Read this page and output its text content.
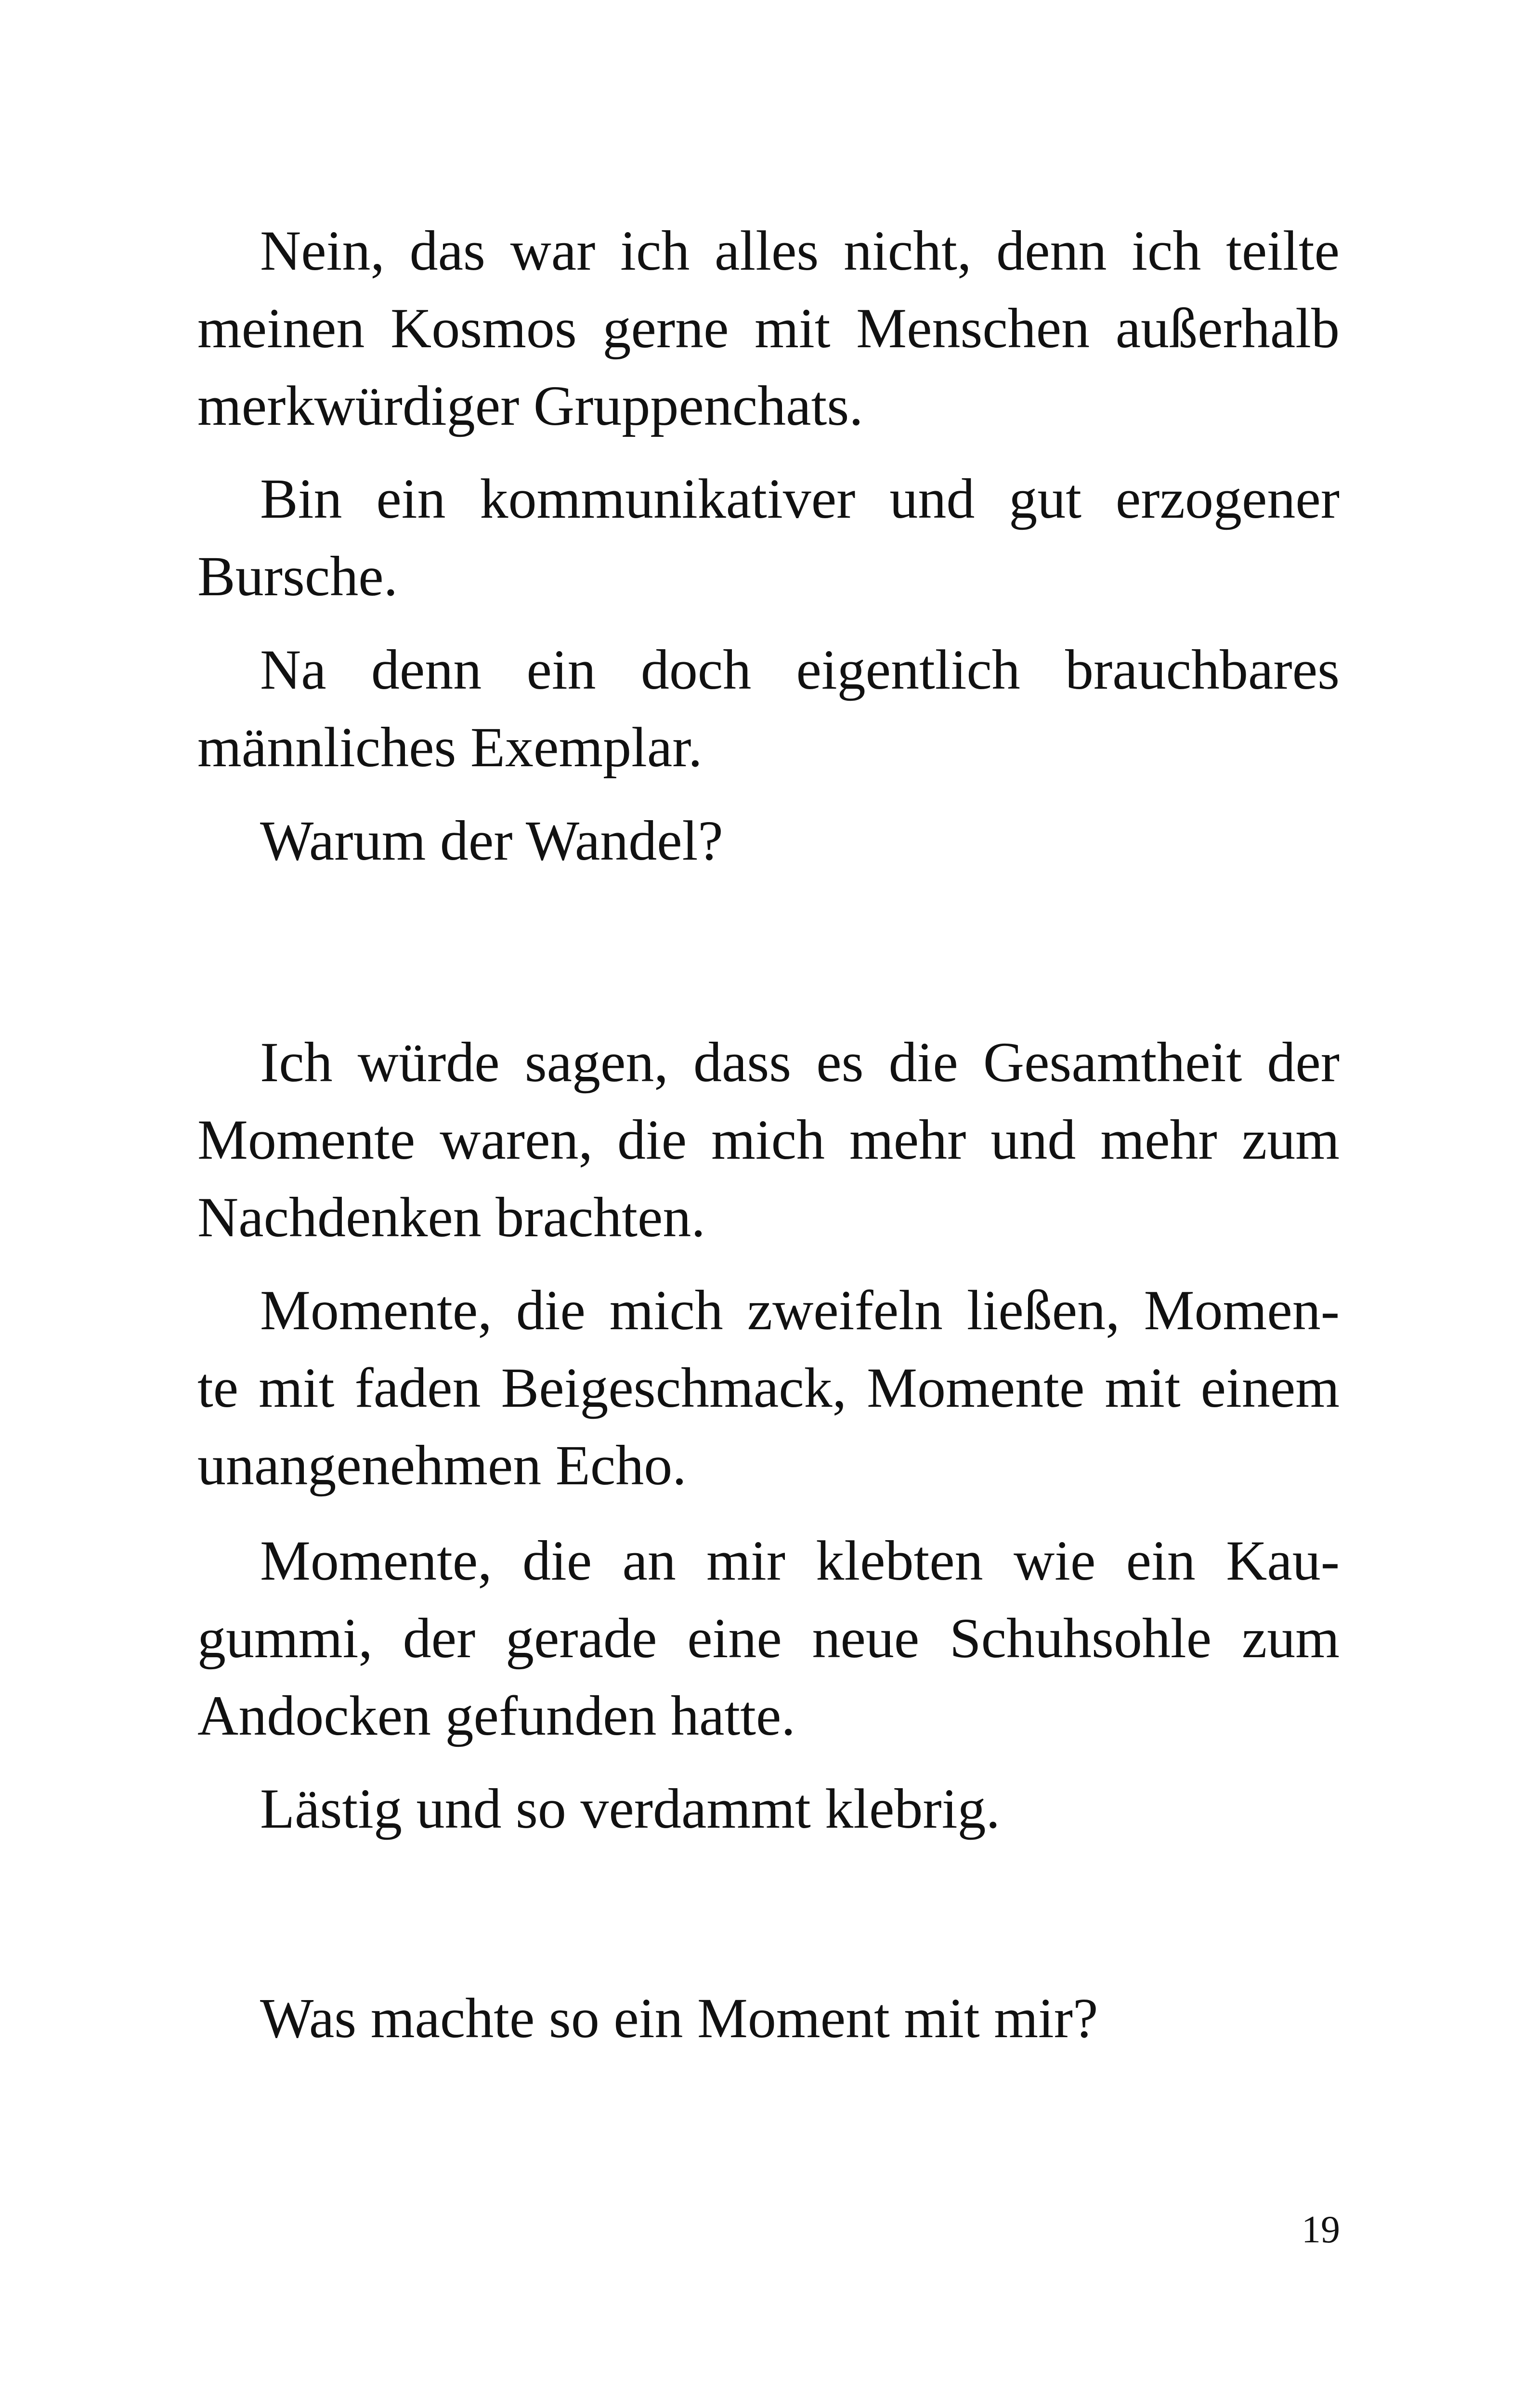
Nein, das war ich alles nicht, denn ich teilte
meinen Kosmos gerne mit Menschen außerhalb
merkwürdiger Gruppenchats.
Bin ein kommunikativer und gut erzogener
Bursche.
Na denn ein doch eigentlich brauchbares
männliches Exemplar.
Warum der Wandel?
Ich würde sagen, dass es die Gesamtheit der
Momente waren, die mich mehr und mehr zum
Nachdenken brachten.
Momente, die mich zweifeln ließen, Momen-
te mit faden Beigeschmack, Momente mit einem
unangenehmen Echo.
Momente, die an mir klebten wie ein Kau-
gummi, der gerade eine neue Schuhsohle zum
Andocken gefunden hatte.
Lästig und so verdammt klebrig.
Was machte so ein Moment mit mir?
19
